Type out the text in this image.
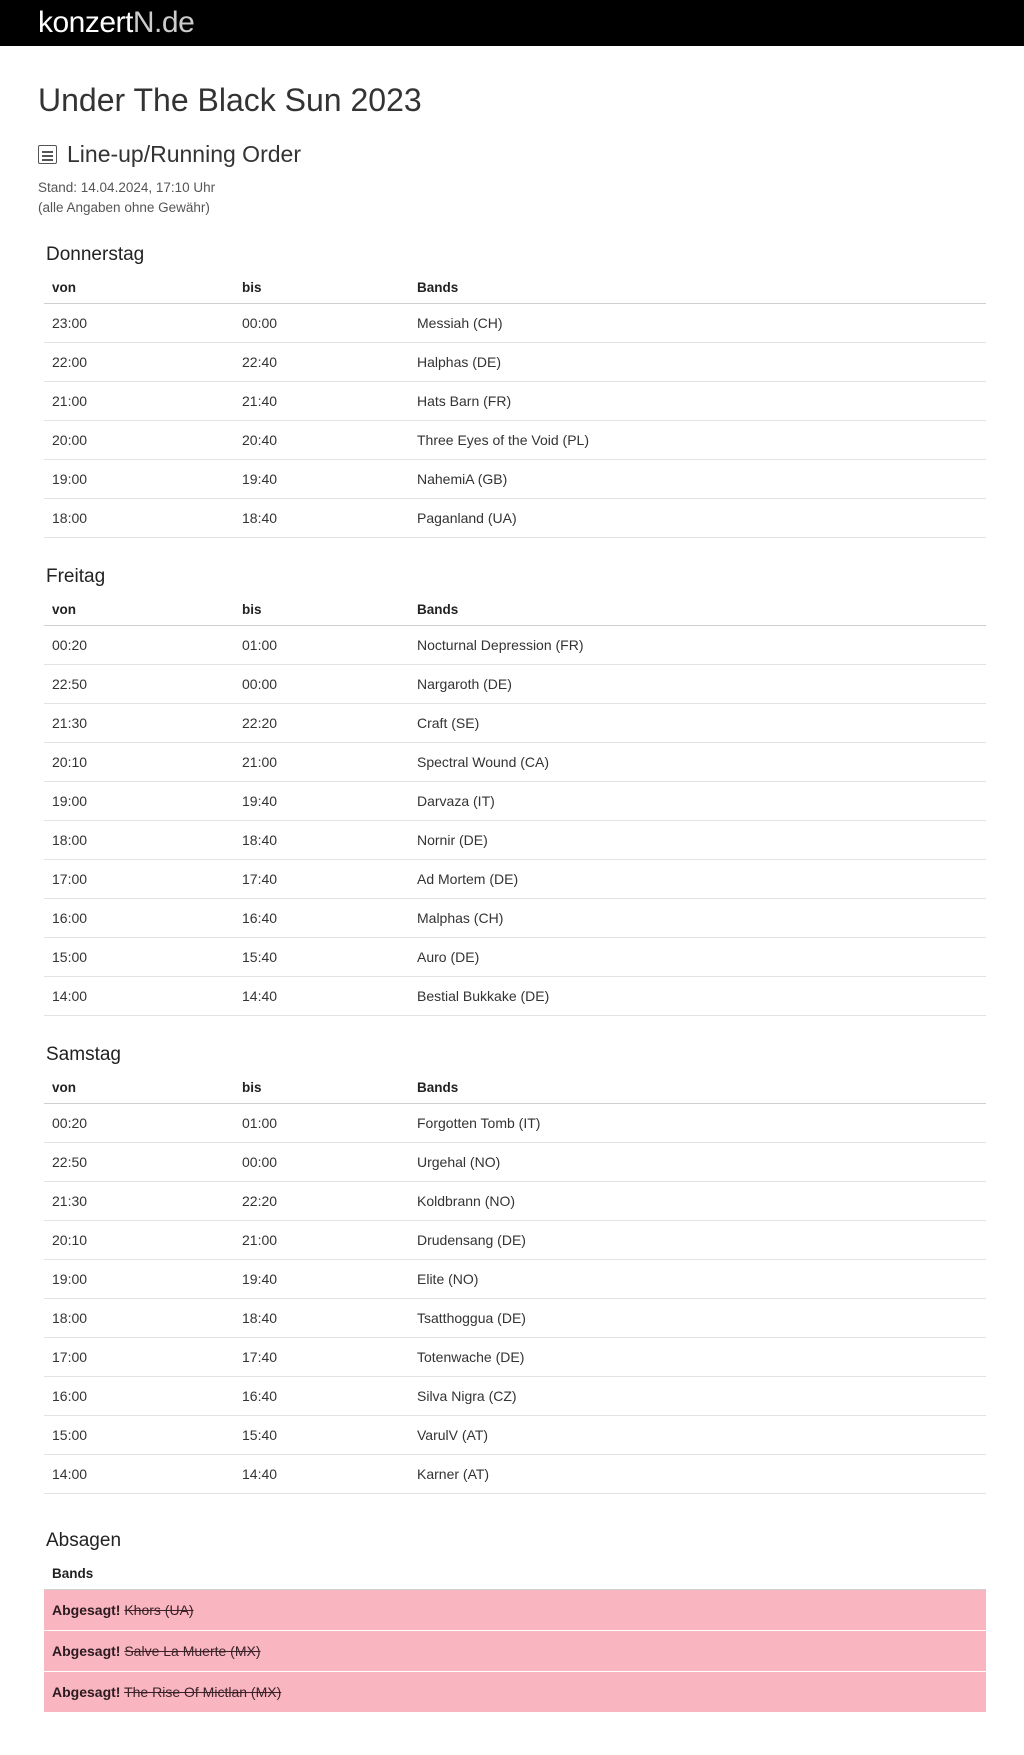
konzertN.de
Under The Black Sun 2023
Line-up/Running Order
Stand: 14.04.2024, 17:10 Uhr
(alle Angaben ohne Gewähr)
Donnerstag
von	bis	Bands
23:00	00:00	Messiah (CH)
22:00	22:40	Halphas (DE)
21:00	21:40	Hats Barn (FR)
20:00	20:40	Three Eyes of the Void (PL)
19:00	19:40	NahemiA (GB)
18:00	18:40	Paganland (UA)
Freitag
von	bis	Bands
00:20	01:00	Nocturnal Depression (FR)
22:50	00:00	Nargaroth (DE)
21:30	22:20	Craft (SE)
20:10	21:00	Spectral Wound (CA)
19:00	19:40	Darvaza (IT)
18:00	18:40	Nornir (DE)
17:00	17:40	Ad Mortem (DE)
16:00	16:40	Malphas (CH)
15:00	15:40	Auro (DE)
14:00	14:40	Bestial Bukkake (DE)
Samstag
von	bis	Bands
00:20	01:00	Forgotten Tomb (IT)
22:50	00:00	Urgehal (NO)
21:30	22:20	Koldbrann (NO)
20:10	21:00	Drudensang (DE)
19:00	19:40	Elite (NO)
18:00	18:40	Tsatthoggua (DE)
17:00	17:40	Totenwache (DE)
16:00	16:40	Silva Nigra (CZ)
15:00	15:40	VarulV (AT)
14:00	14:40	Karner (AT)
Absagen
Bands
Abgesagt! Khors (UA)
Abgesagt! Salve La Muerte (MX)
Abgesagt! The Rise Of Mictlan (MX)
